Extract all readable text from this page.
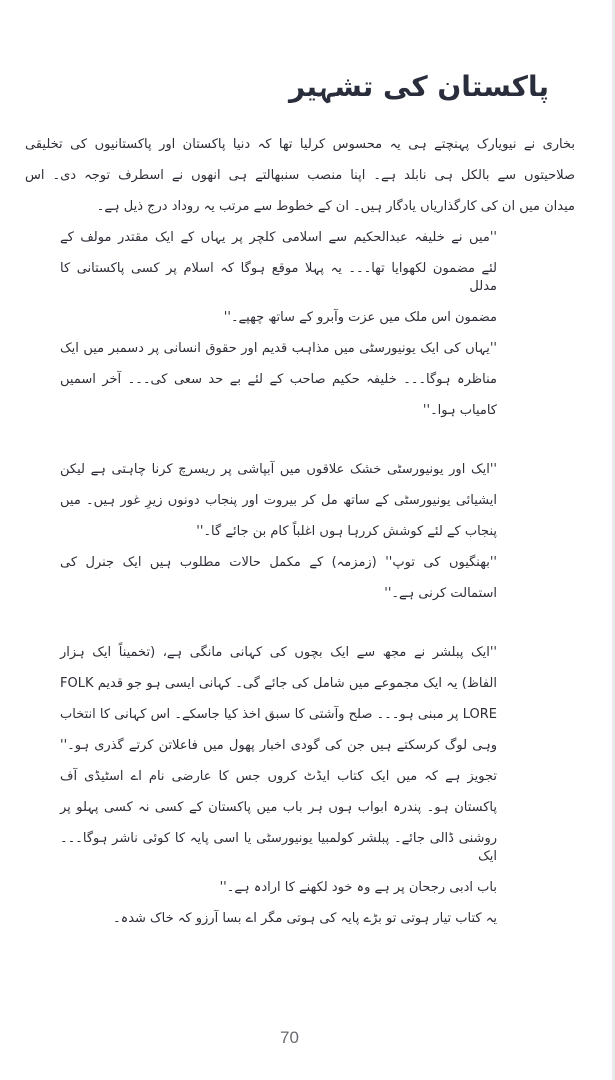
پاکستان کی تشہیر
بخاری نے نیویارک پہنچتے ہی یہ محسوس کرلیا تھا کہ دنیا پاکستان اور پاکستانیوں کی تخلیقی
صلاحیتوں سے بالکل ہی نابلد ہے۔ اپنا منصب سنبھالتے ہی انھوں نے اسطرف توجہ دی۔ اس
میدان میں ان کی کارگذاریاں یادگار ہیں۔ ان کے خطوط سے مرتب یہ روداد درج ذیل ہے۔
''میں نے خلیفہ عبدالحکیم سے اسلامی کلچر پر یہاں کے ایک مقتدر مولف کے
لئے مضمون لکھوایا تھا۔۔۔ یہ پہلا موقع ہوگا کہ اسلام پر کسی پاکستانی کا مدلل
مضمون اس ملک میں عزت وآبرو کے ساتھ چھپے۔''
''یہاں کی ایک یونیورسٹی میں مذاہب قدیم اور حقوق انسانی پر دسمبر میں ایک
مناظرہ ہوگا۔۔۔ خلیفہ حکیم صاحب کے لئے بے حد سعی کی۔۔۔ آخر اسمیں
کامیاب ہوا۔''
''ایک اور یونیورسٹی خشک علاقوں میں آبپاشی پر ریسرچ کرنا چاہتی ہے لیکن
ایشیائی یونیورسٹی کے ساتھ مل کر بیروت اور پنجاب دونوں زیرِ غور ہیں۔ میں
پنجاب کے لئے کوشش کررہا ہوں اغلباً کام بن جائے گا۔''
''بھنگیوں کی توپ'' (زمزمہ) کے مکمل حالات مطلوب ہیں ایک جنرل کی
استمالت کرنی ہے۔''
''ایک پبلشر نے مجھ سے ایک بچوں کی کہانی مانگی ہے، (تخمیناً ایک ہزار
الفاظ) یہ ایک مجموعے میں شامل کی جائے گی۔ کہانی ایسی ہو جو قدیم FOLK
LORE پر مبنی ہو۔۔۔ صلح وآشتی کا سبق اخذ کیا جاسکے۔ اس کہانی کا انتخاب
وہی لوگ کرسکتے ہیں جن کی گودی اخبار پھول میں فاعلاتن کرتے گذری ہو۔''
تجویز ہے کہ میں ایک کتاب ایڈٹ کروں جس کا عارضی نام اے اسٹیڈی آف
پاکستان ہو۔ پندرہ ابواب ہوں ہر باب میں پاکستان کے کسی نہ کسی پہلو پر
روشنی ڈالی جائے۔ پبلشر کولمبیا یونیورسٹی یا اسی پایہ کا کوئی ناشر ہوگا۔۔۔ ایک
باب ادبی رجحان پر ہے وہ خود لکھنے کا ارادہ ہے۔''
یہ کتاب تیار ہوتی تو بڑے پایہ کی ہوتی مگر اے بسا آرزو کہ خاک شدہ۔
70
